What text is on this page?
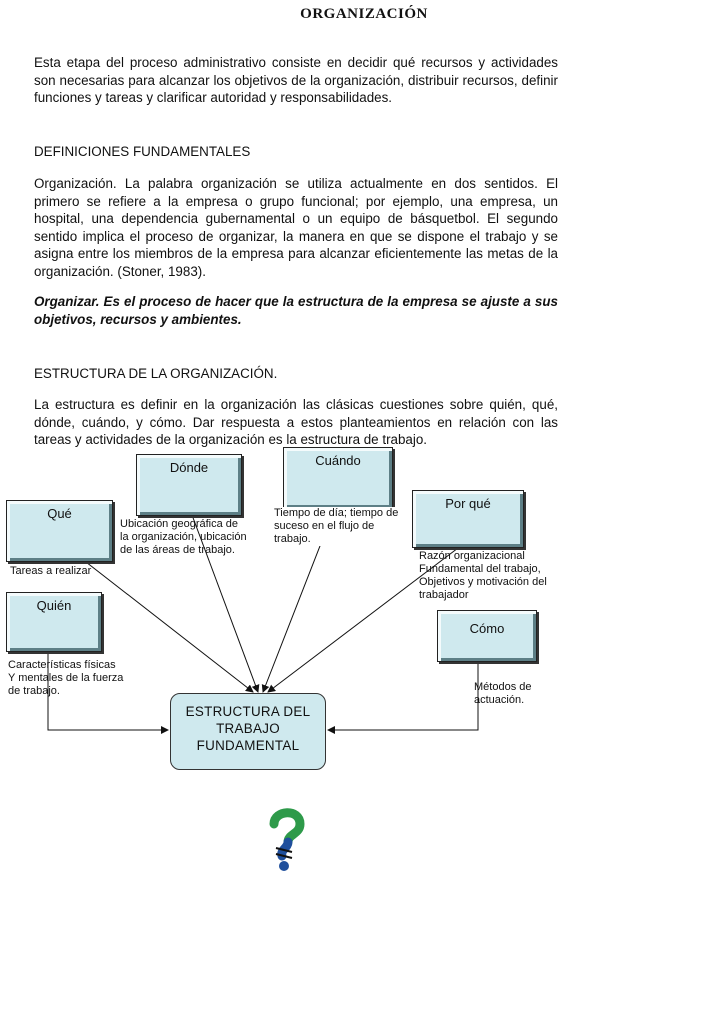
ORGANIZACIÓN
Esta etapa del proceso administrativo consiste en decidir qué recursos y actividades son necesarias para alcanzar los objetivos de la organización, distribuir recursos, definir funciones y tareas y clarificar autoridad y responsabilidades.
DEFINICIONES FUNDAMENTALES
Organización. La palabra organización se utiliza actualmente en dos sentidos. El primero se refiere a la empresa o grupo funcional; por ejemplo, una empresa, un hospital, una dependencia gubernamental o un equipo de básquetbol. El segundo sentido implica el proceso de organizar, la manera en que se dispone el trabajo y se asigna entre los miembros de la empresa para alcanzar eficientemente las metas de la organización. (Stoner, 1983).
Organizar. Es el proceso de hacer que la estructura de la empresa se ajuste a sus objetivos, recursos y ambientes.
ESTRUCTURA DE LA ORGANIZACIÓN.
La estructura es definir en la organización las clásicas cuestiones sobre quién, qué, dónde, cuándo, y cómo. Dar respuesta a estos planteamientos en relación con las tareas y actividades de la organización es la estructura de trabajo.
Dónde	Cuándo
Qué
Por qué
Quién
Cómo
Ubicación geográfica de
la organización, ubicación
de las áreas de trabajo.
Tiempo de día; tiempo de
suceso en el flujo de
trabajo.
Tareas a realizar
Razón organizacional
Fundamental del trabajo,
Objetivos y motivación del
trabajador
Características físicas
Y mentales de la fuerza
de trabajo.	Métodos de
actuación.
ESTRUCTURA DEL
TRABAJO
FUNDAMENTAL
